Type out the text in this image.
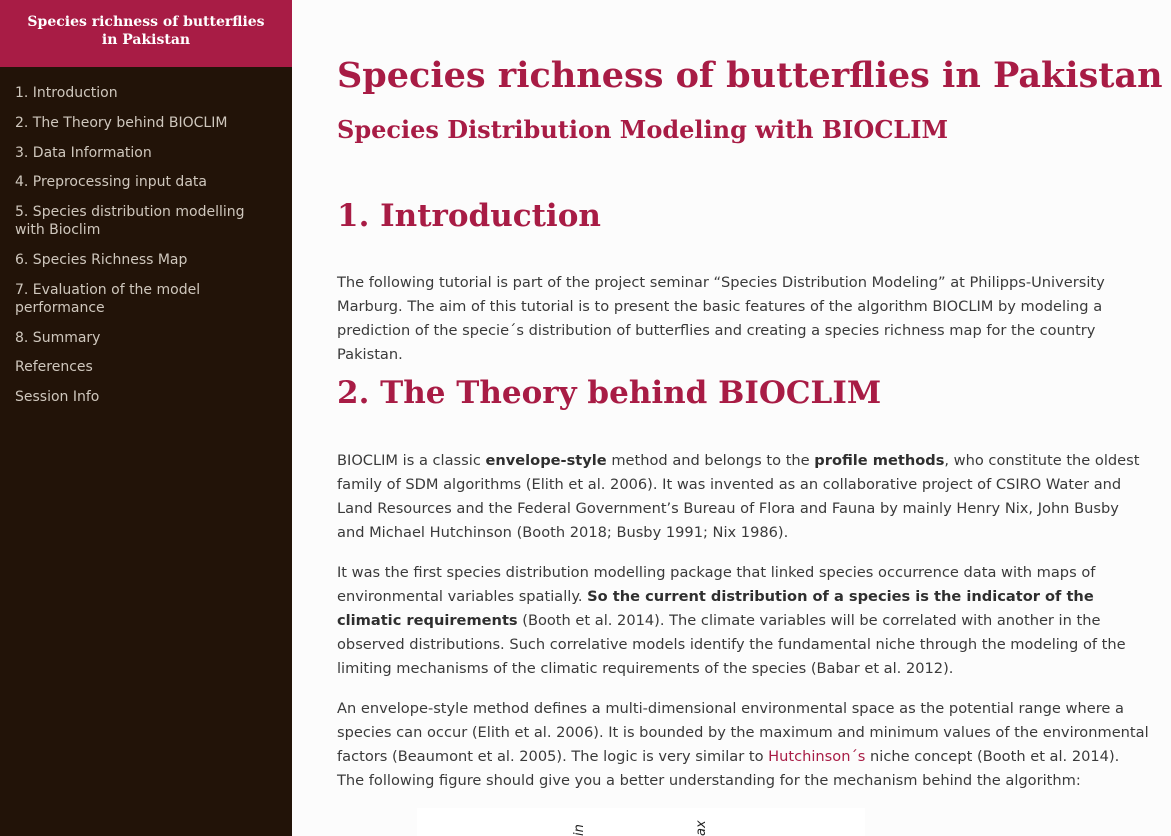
Species richness of butterflies in Pakistan
1. Introduction
2. The Theory behind BIOCLIM
3. Data Information
4. Preprocessing input data
5. Species distribution modelling with Bioclim
6. Species Richness Map
7. Evaluation of the model performance
8. Summary
References
Session Info
Species richness of butterflies in Pakistan
Species Distribution Modeling with BIOCLIM
1. Introduction

The following tutorial is part of the project seminar “Species Distribution Modeling” at Philipps-University Marburg. The aim of this tutorial is to present the basic features of the algorithm BIOCLIM by modeling a prediction of the specie´s distribution of butterflies and creating a species richness map for the country Pakistan.

2. The Theory behind BIOCLIM

BIOCLIM is a classic envelope-style method and belongs to the profile methods, who constitute the oldest family of SDM algorithms (Elith et al. 2006). It was invented as an collaborative project of CSIRO Water and Land Resources and the Federal Government’s Bureau of Flora and Fauna by mainly Henry Nix, John Busby and Michael Hutchinson (Booth 2018; Busby 1991; Nix 1986).

It was the first species distribution modelling package that linked species occurrence data with maps of environmental variables spatially. So the current distribution of a species is the indicator of the climatic requirements (Booth et al. 2014). The climate variables will be correlated with another in the observed distributions. Such correlative models identify the fundamental niche through the modeling of the limiting mechanisms of the climatic requirements of the species (Babar et al. 2012).

An envelope-style method defines a multi-dimensional environmental space as the potential range where a species can occur (Elith et al. 2006). It is bounded by the maximum and minimum values of the environmental factors (Beaumont et al. 2005). The logic is very similar to Hutchinson´s niche concept (Booth et al. 2014).

The following figure should give you a better understanding for the mechanism behind the algorithm:

in	ax
